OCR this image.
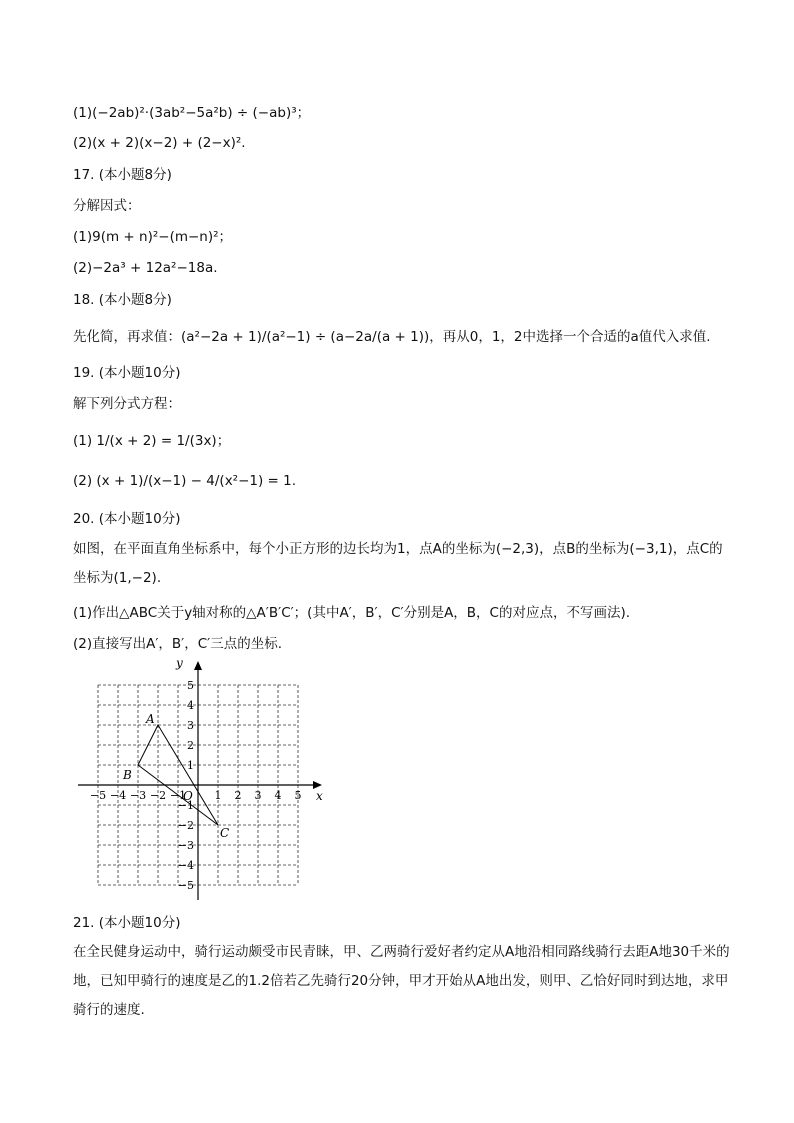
(1)(−2ab)²·(3ab²−5a²b) ÷ (−ab)³；
(2)(x + 2)(x−2) + (2−x)².
17. (本小题8分)
分解因式：
(1)9(m + n)²−(m−n)²；
(2)−2a³ + 12a²−18a.
18. (本小题8分)
先化简，再求值：(a²−2a + 1)/(a²−1) ÷ (a−2a/(a + 1))，再从0，1，2中选择一个合适的a值代入求值.
19. (本小题10分)
解下列分式方程：
(1) 1/(x + 2) = 1/(3x)；
(2) (x + 1)/(x−1) − 4/(x²−1) = 1.
20. (本小题10分)
如图，在平面直角坐标系中，每个小正方形的边长均为1，点A的坐标为(−2,3)，点B的坐标为(−3,1)，点C的坐标为(1,−2).
(1)作出△ABC关于y轴对称的△A′B′C′；(其中A′，B′，C′分别是A，B，C的对应点，不写画法).
(2)直接写出A′，B′，C′三点的坐标.
x
y
O
−5 −4 −3 −2 −1	1 2 3 4 5
5
4
3
2
1
−1
−2
−3
−4
−5
A
B
C
21. (本小题10分)
在全民健身运动中，骑行运动颇受市民青睐，甲、乙两骑行爱好者约定从A地沿相同路线骑行去距A地30千米的地，已知甲骑行的速度是乙的1.2倍若乙先骑行20分钟，甲才开始从A地出发，则甲、乙恰好同时到达地，求甲骑行的速度.
